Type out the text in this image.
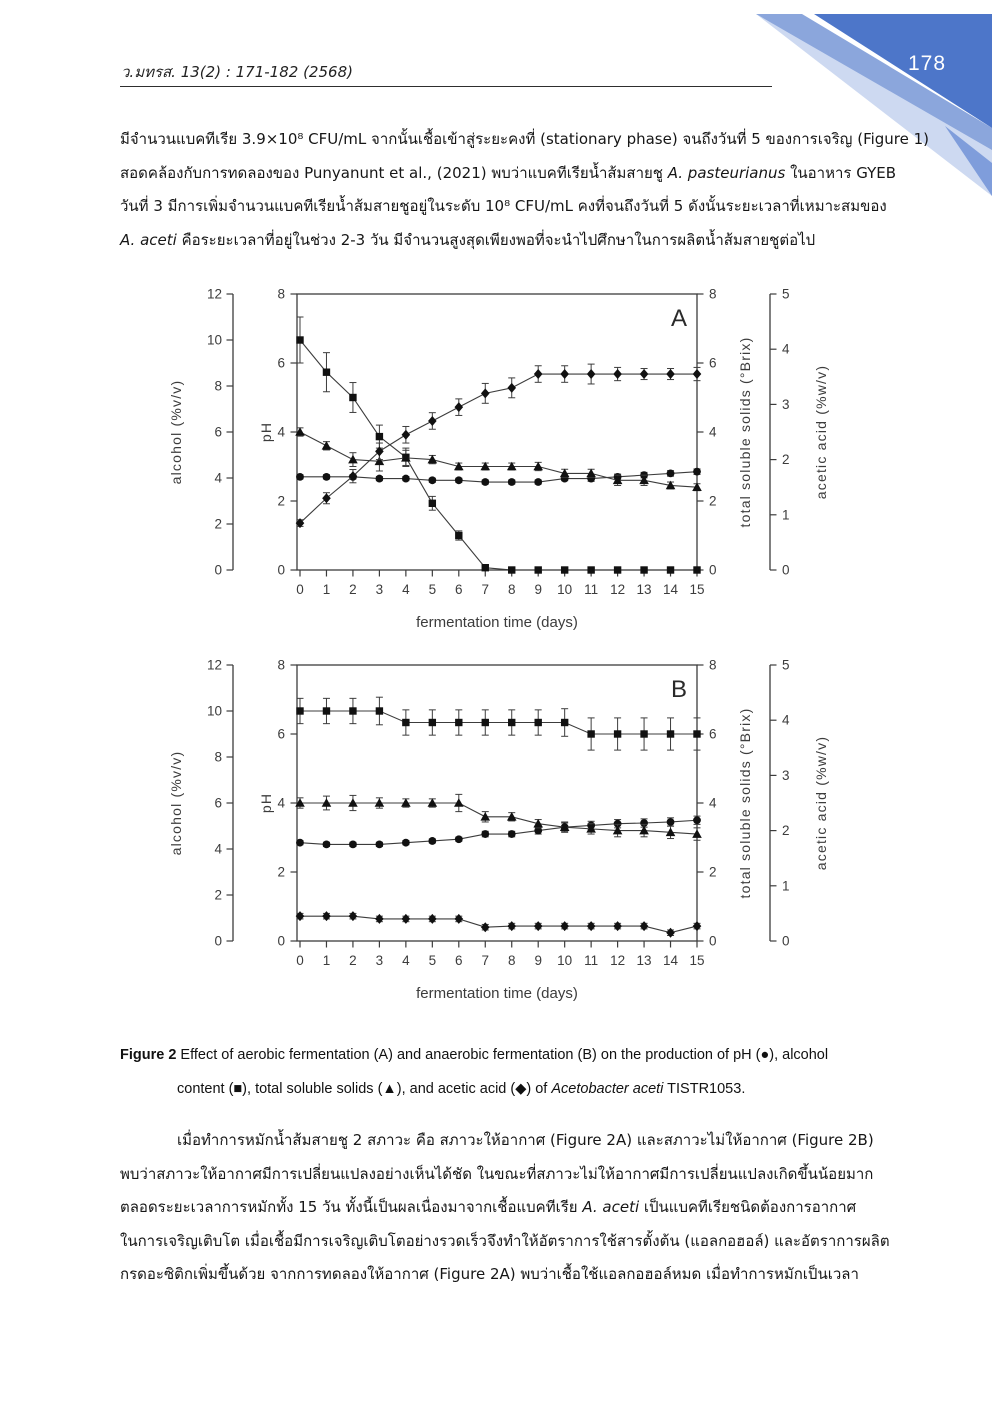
178
ว.มทรส. 13(2) : 171-182 (2568)
มีจำนวนแบคทีเรีย 3.9×10⁸ CFU/mL จากนั้นเชื้อเข้าสู่ระยะคงที่ (stationary phase) จนถึงวันที่ 5 ของการเจริญ (Figure 1)
สอดคล้องกับการทดลองของ Punyanunt et al., (2021) พบว่าแบคทีเรียน้ำส้มสายชู A. pasteurianus ในอาหาร GYEB
วันที่ 3 มีการเพิ่มจำนวนแบคทีเรียน้ำส้มสายชูอยู่ในระดับ 10⁸ CFU/mL คงที่จนถึงวันที่ 5 ดังนั้นระยะเวลาที่เหมาะสมของ
A. aceti คือระยะเวลาที่อยู่ในช่วง 2-3 วัน มีจำนวนสูงสุดเพียงพอที่จะนำไปศึกษาในการผลิตน้ำส้มสายชูต่อไป
0
2
4
6
8
10
12
alcohol (%v/v)
0
2
4
6
8
pH
0
2
4
6
8
total soluble solids (°Brix)
0
1
2
3
4
5
acetic acid (%w/v)
0 1 2 3 4 5 6 7 8 9 10 11 12 13 14 15
fermentation time (days)
A
0
2
4
6
8
10
12
alcohol (%v/v)
0
2
4
6
8
pH
0
2
4
6
8
total soluble solids (°Brix)
0
1
2
3
4
5
acetic acid (%w/v)
0 1 2 3 4 5 6 7 8 9 10 11 12 13 14 15
fermentation time (days)
B
Figure 2 Effect of aerobic fermentation (A) and anaerobic fermentation (B) on the production of pH (●), alcohol
content (■), total soluble solids (▲), and acetic acid (◆) of Acetobacter aceti TISTR1053.
เมื่อทำการหมักน้ำส้มสายชู 2 สภาวะ คือ สภาวะให้อากาศ (Figure 2A) และสภาวะไม่ให้อากาศ (Figure 2B)
พบว่าสภาวะให้อากาศมีการเปลี่ยนแปลงอย่างเห็นได้ชัด ในขณะที่สภาวะไม่ให้อากาศมีการเปลี่ยนแปลงเกิดขึ้นน้อยมาก
ตลอดระยะเวลาการหมักทั้ง 15 วัน ทั้งนี้เป็นผลเนื่องมาจากเชื้อแบคทีเรีย A. aceti เป็นแบคทีเรียชนิดต้องการอากาศ
ในการเจริญเติบโต เมื่อเชื้อมีการเจริญเติบโตอย่างรวดเร็วจึงทำให้อัตราการใช้สารตั้งต้น (แอลกอฮอล์) และอัตราการผลิต
กรดอะซิติกเพิ่มขึ้นด้วย จากการทดลองให้อากาศ (Figure 2A) พบว่าเชื้อใช้แอลกอฮอล์หมด เมื่อทำการหมักเป็นเวลา
